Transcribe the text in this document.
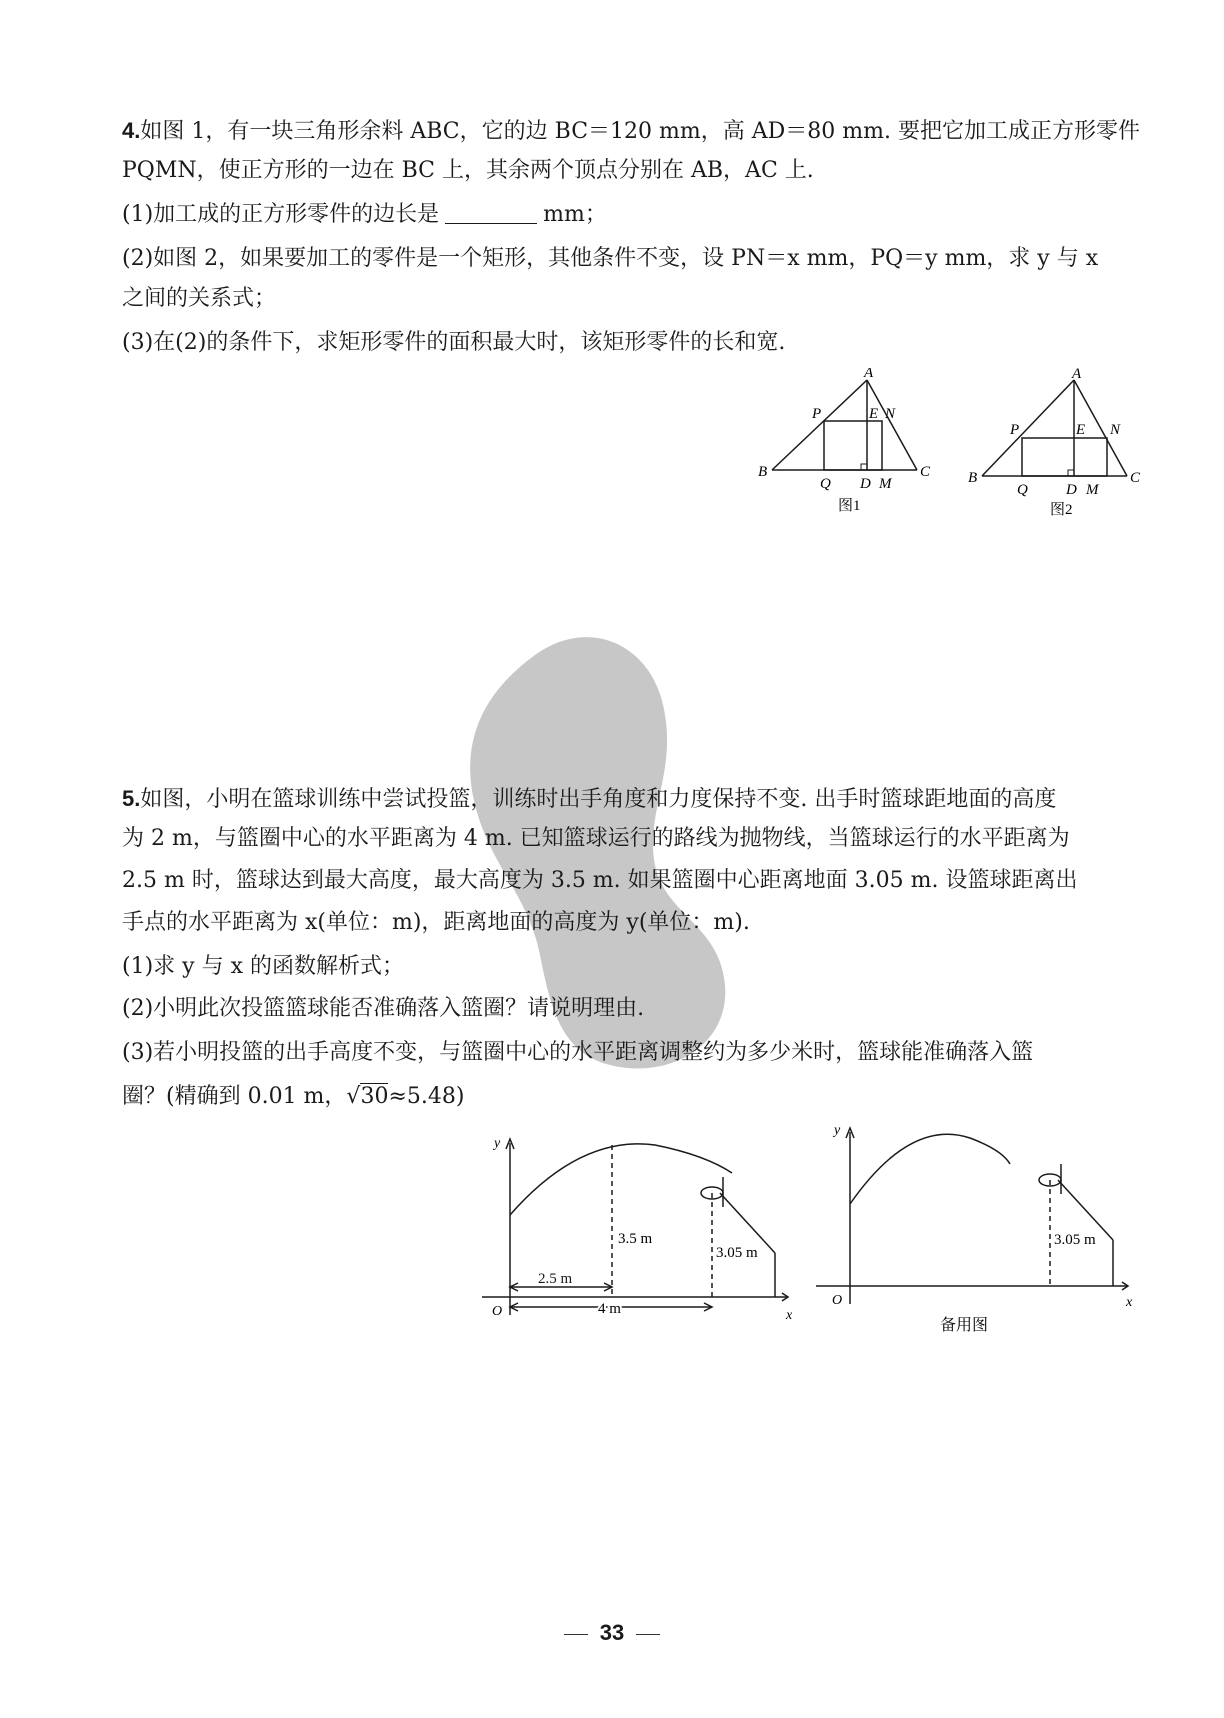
4.如图 1，有一块三角形余料 ABC，它的边 BC＝120 mm，高 AD＝80 mm. 要把它加工成正方形零件
PQMN，使正方形的一边在 BC 上，其余两个顶点分别在 AB，AC 上.
(1)加工成的正方形零件的边长是	mm；
(2)如图 2，如果要加工的零件是一个矩形，其他条件不变，设 PN＝x mm，PQ＝y mm，求 y 与 x
之间的关系式；
(3)在(2)的条件下，求矩形零件的面积最大时，该矩形零件的长和宽.
A
B	C
D
E
M
N
P
Q
图1
A
B	C
D
E
M
N
P
Q
图2
5.如图，小明在篮球训练中尝试投篮，训练时出手角度和力度保持不变. 出手时篮球距地面的高度
为 2 m，与篮圈中心的水平距离为 4 m. 已知篮球运行的路线为抛物线，当篮球运行的水平距离为
2.5 m 时，篮球达到最大高度，最大高度为 3.5 m. 如果篮圈中心距离地面 3.05 m. 设篮球距离出
手点的水平距离为 x(单位：m)，距离地面的高度为 y(单位：m).
(1)求 y 与 x 的函数解析式；
(2)小明此次投篮篮球能否准确落入篮圈？请说明理由.
(3)若小明投篮的出手高度不变，与篮圈中心的水平距离调整约为多少米时，篮球能准确落入篮
圈？(精确到 0.01 m，√30≈5.48)
y
x
O
3.5 m
3.05 m
2.5 m
4 m
y
x
O
3.05 m
备用图
33
